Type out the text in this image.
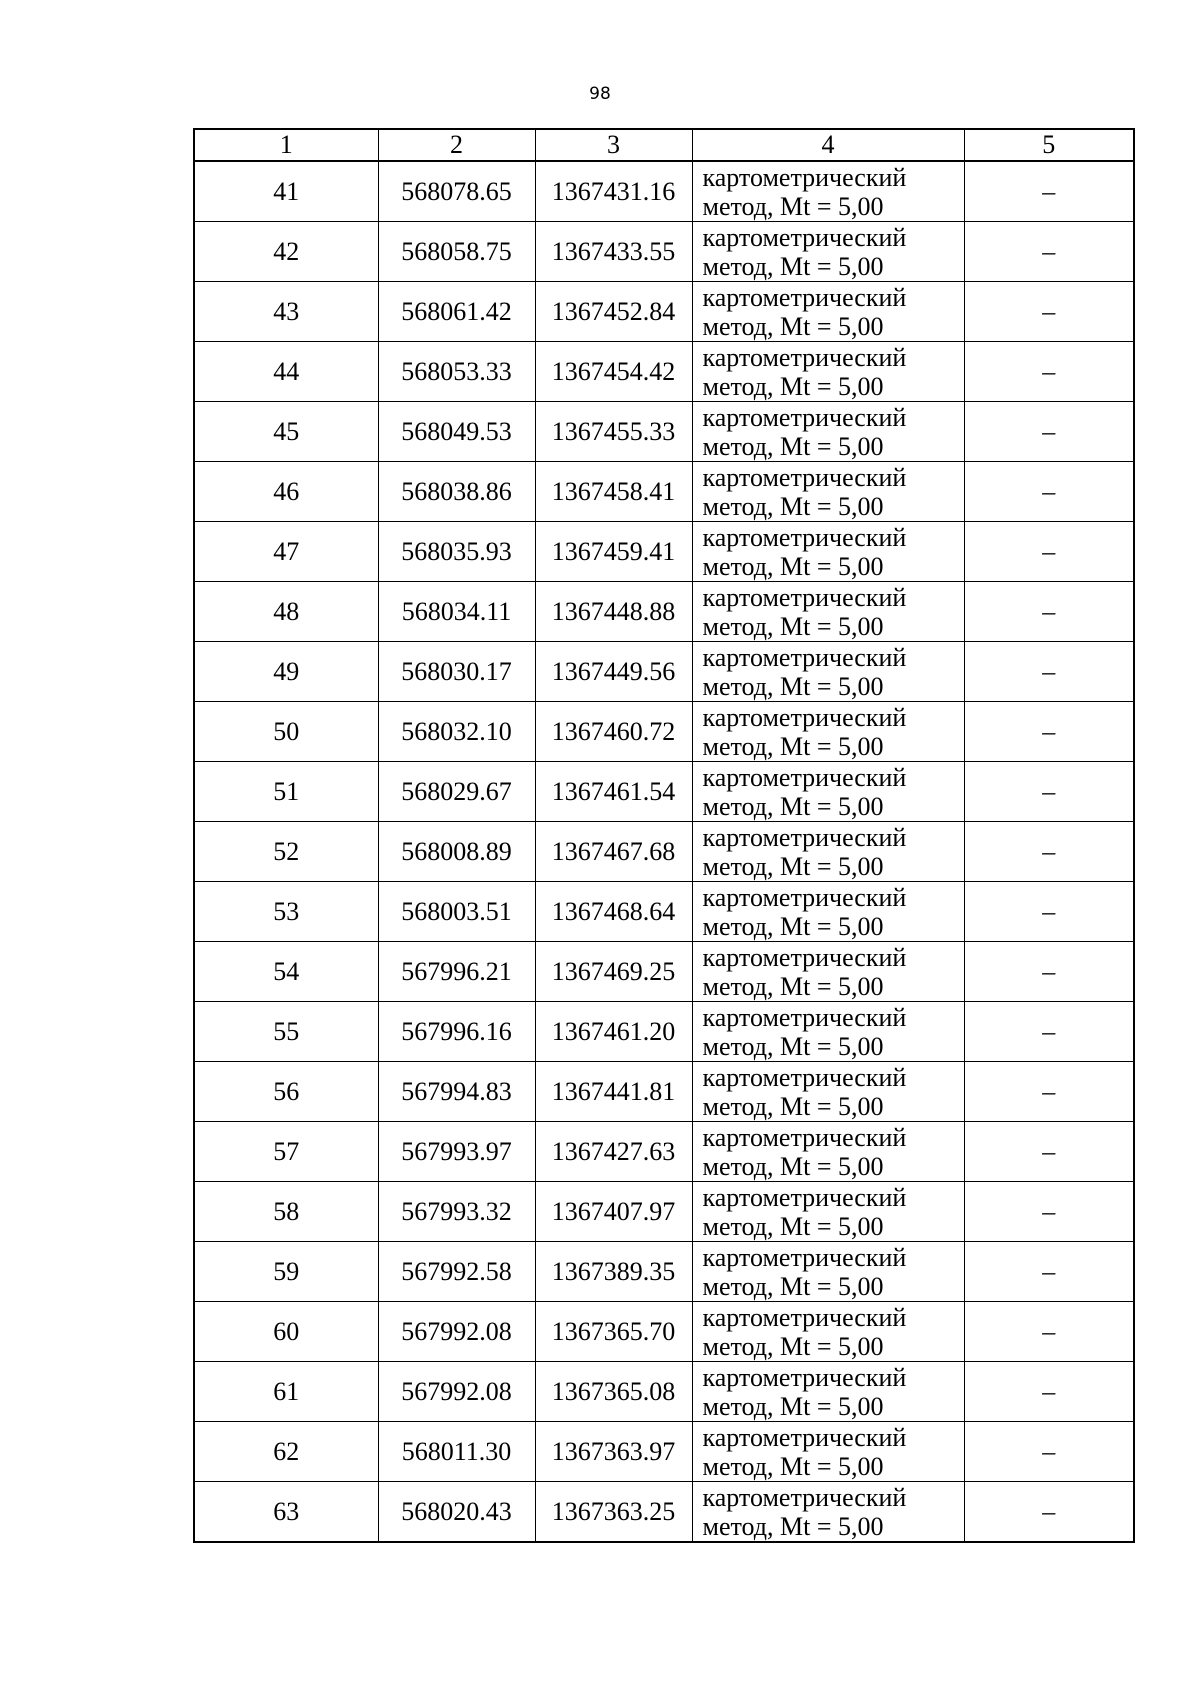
98
1	2	3	4	5
41	568078.65	1367431.16	картометрический
метод, Mt = 5,00	–
42	568058.75	1367433.55	картометрический
метод, Mt = 5,00	–
43	568061.42	1367452.84	картометрический
метод, Mt = 5,00	–
44	568053.33	1367454.42	картометрический
метод, Mt = 5,00	–
45	568049.53	1367455.33	картометрический
метод, Mt = 5,00	–
46	568038.86	1367458.41	картометрический
метод, Mt = 5,00	–
47	568035.93	1367459.41	картометрический
метод, Mt = 5,00	–
48	568034.11	1367448.88	картометрический
метод, Mt = 5,00	–
49	568030.17	1367449.56	картометрический
метод, Mt = 5,00	–
50	568032.10	1367460.72	картометрический
метод, Mt = 5,00	–
51	568029.67	1367461.54	картометрический
метод, Mt = 5,00	–
52	568008.89	1367467.68	картометрический
метод, Mt = 5,00	–
53	568003.51	1367468.64	картометрический
метод, Mt = 5,00	–
54	567996.21	1367469.25	картометрический
метод, Mt = 5,00	–
55	567996.16	1367461.20	картометрический
метод, Mt = 5,00	–
56	567994.83	1367441.81	картометрический
метод, Mt = 5,00	–
57	567993.97	1367427.63	картометрический
метод, Mt = 5,00	–
58	567993.32	1367407.97	картометрический
метод, Mt = 5,00	–
59	567992.58	1367389.35	картометрический
метод, Mt = 5,00	–
60	567992.08	1367365.70	картометрический
метод, Mt = 5,00	–
61	567992.08	1367365.08	картометрический
метод, Mt = 5,00	–
62	568011.30	1367363.97	картометрический
метод, Mt = 5,00	–
63	568020.43	1367363.25	картометрический
метод, Mt = 5,00	–
